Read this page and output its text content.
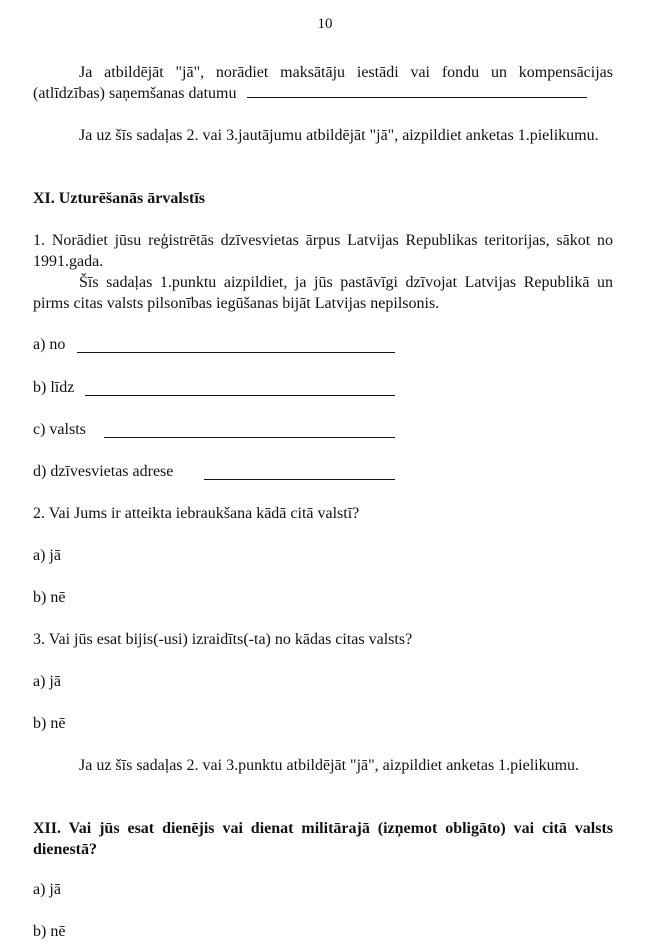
10
Ja atbildējāt "jā", norādiet maksātāju iestādi vai fondu un kompensācijas (atlīdzības) saņemšanas datumu
Ja uz šīs sadaļas 2. vai 3.jautājumu atbildējāt "jā", aizpildiet anketas 1.pielikumu.
XI. Uzturēšanās ārvalstīs
1. Norādiet jūsu reģistrētās dzīvesvietas ārpus Latvijas Republikas teritorijas, sākot no 1991.gada.
Šīs sadaļas 1.punktu aizpildiet, ja jūs pastāvīgi dzīvojat Latvijas Republikā un pirms citas valsts pilsonības iegūšanas bijāt Latvijas nepilsonis.
a) no
b) līdz
c) valsts
d) dzīvesvietas adrese
2. Vai Jums ir atteikta iebraukšana kādā citā valstī?
a) jā
b) nē
3. Vai jūs esat bijis(-usi) izraidīts(-ta) no kādas citas valsts?
a) jā
b) nē
Ja uz šīs sadaļas 2. vai 3.punktu atbildējāt "jā", aizpildiet anketas 1.pielikumu.
XII. Vai jūs esat dienējis vai dienat militārajā (izņemot obligāto) vai citā valsts dienestā?
a) jā
b) nē
